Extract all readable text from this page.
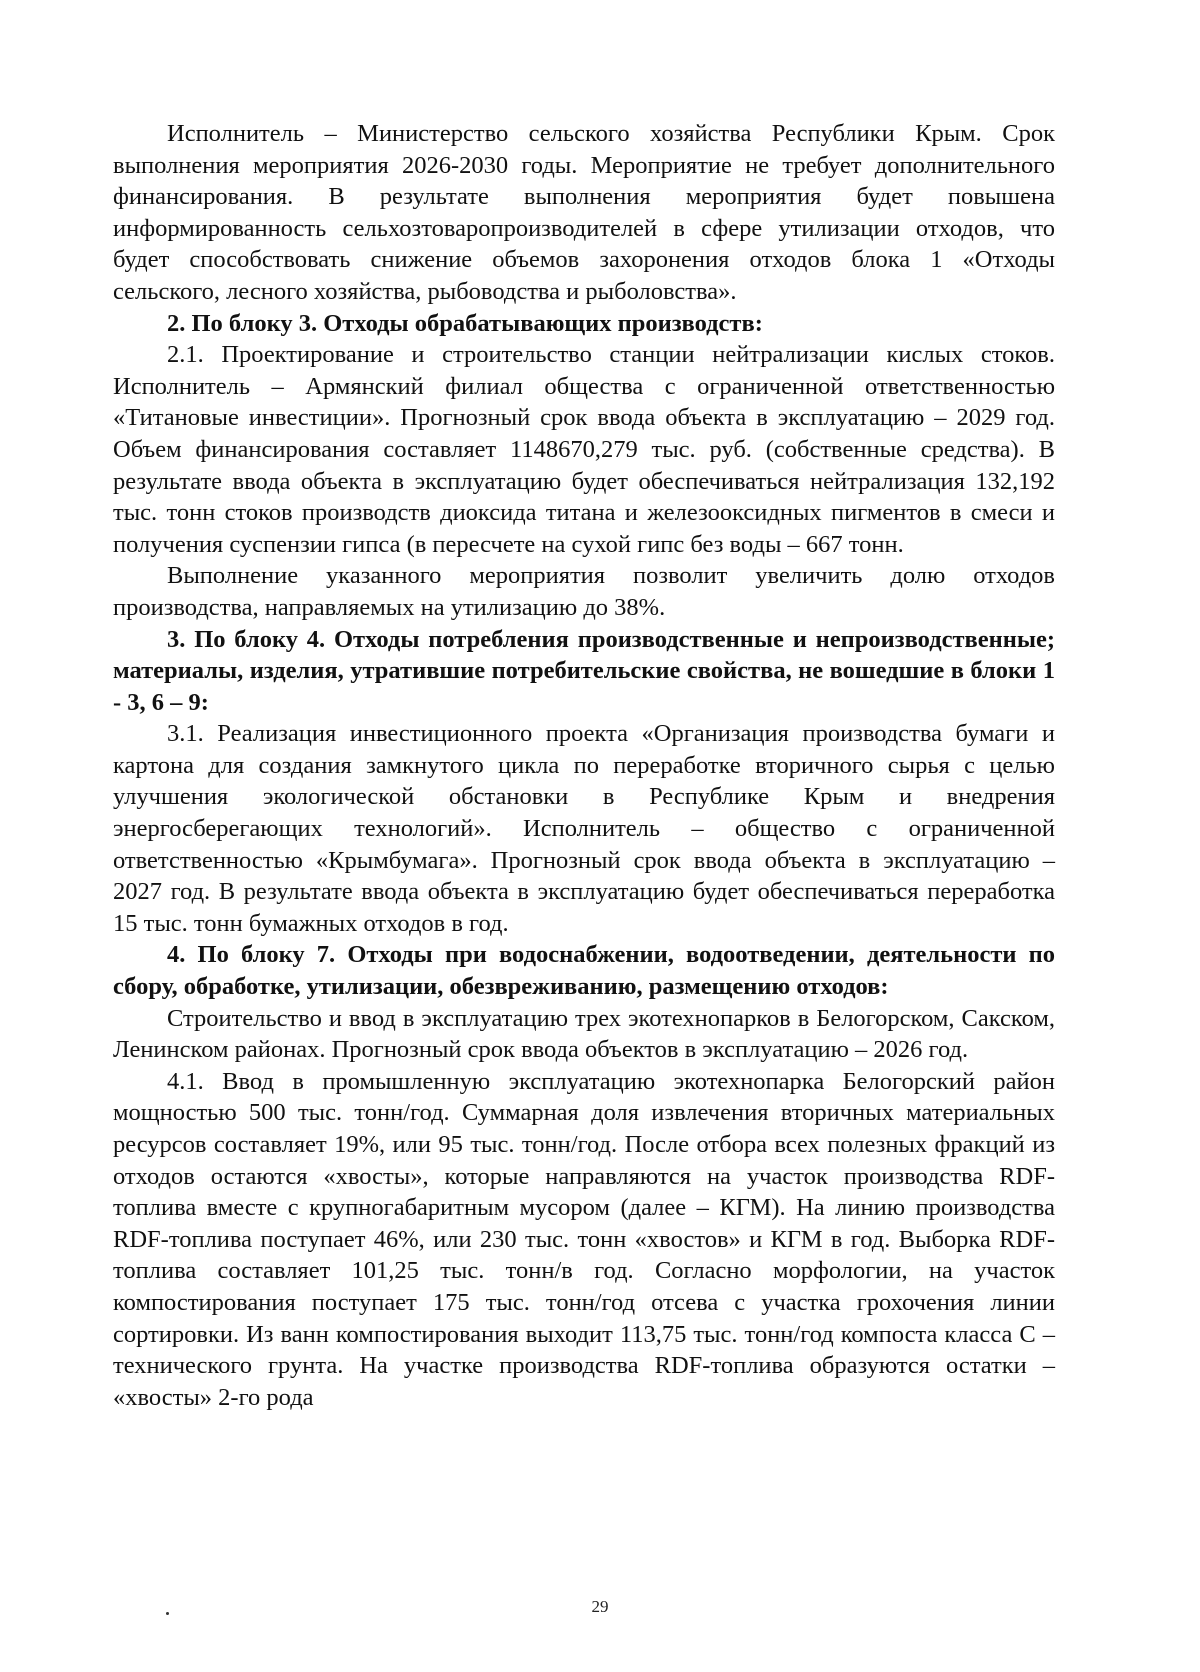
Исполнитель – Министерство сельского хозяйства Республики Крым. Срок выполнения мероприятия 2026-2030 годы. Мероприятие не требует дополнительного финансирования. В результате выполнения мероприятия будет повышена информированность сельхозтоваропроизводителей в сфере утилизации отходов, что будет способствовать снижение объемов захоронения отходов блока 1 «Отходы сельского, лесного хозяйства, рыбоводства и рыболовства».

2. По блоку 3. Отходы обрабатывающих производств:

2.1. Проектирование и строительство станции нейтрализации кислых стоков. Исполнитель – Армянский филиал общества с ограниченной ответственностью «Титановые инвестиции». Прогнозный срок ввода объекта в эксплуатацию – 2029 год. Объем финансирования составляет 1148670,279 тыс. руб. (собственные средства). В результате ввода объекта в эксплуатацию будет обеспечиваться нейтрализация 132,192 тыс. тонн стоков производств диоксида титана и железооксидных пигментов в смеси и получения суспензии гипса (в пересчете на сухой гипс без воды – 667 тонн.

Выполнение указанного мероприятия позволит увеличить долю отходов производства, направляемых на утилизацию до 38%.

3. По блоку 4. Отходы потребления производственные и непроизводственные; материалы, изделия, утратившие потребительские свойства, не вошедшие в блоки 1 - 3, 6 – 9:

3.1. Реализация инвестиционного проекта «Организация производства бумаги и картона для создания замкнутого цикла по переработке вторичного сырья с целью улучшения экологической обстановки в Республике Крым и внедрения энергосберегающих технологий». Исполнитель – общество с ограниченной ответственностью «Крымбумага». Прогнозный срок ввода объекта в эксплуатацию – 2027 год. В результате ввода объекта в эксплуатацию будет обеспечиваться переработка 15 тыс. тонн бумажных отходов в год.

4. По блоку 7. Отходы при водоснабжении, водоотведении, деятельности по сбору, обработке, утилизации, обезвреживанию, размещению отходов:

Строительство и ввод в эксплуатацию трех экотехнопарков в Белогорском, Сакском, Ленинском районах. Прогнозный срок ввода объектов в эксплуатацию – 2026 год.

4.1. Ввод в промышленную эксплуатацию экотехнопарка Белогорский район мощностью 500 тыс. тонн/год. Суммарная доля извлечения вторичных материальных ресурсов составляет 19%, или 95 тыс. тонн/год. После отбора всех полезных фракций из отходов остаются «хвосты», которые направляются на участок производства RDF-топлива вместе с крупногабаритным мусором (далее – КГМ). На линию производства RDF-топлива поступает 46%, или 230 тыс. тонн «хвостов» и КГМ в год. Выборка RDF-топлива составляет 101,25 тыс. тонн/в год. Согласно морфологии, на участок компостирования поступает 175 тыс. тонн/год отсева с участка грохочения линии сортировки. Из ванн компостирования выходит 113,75 тыс. тонн/год компоста класса С – технического грунта. На участке производства RDF-топлива образуются остатки – «хвосты» 2-го рода

29
